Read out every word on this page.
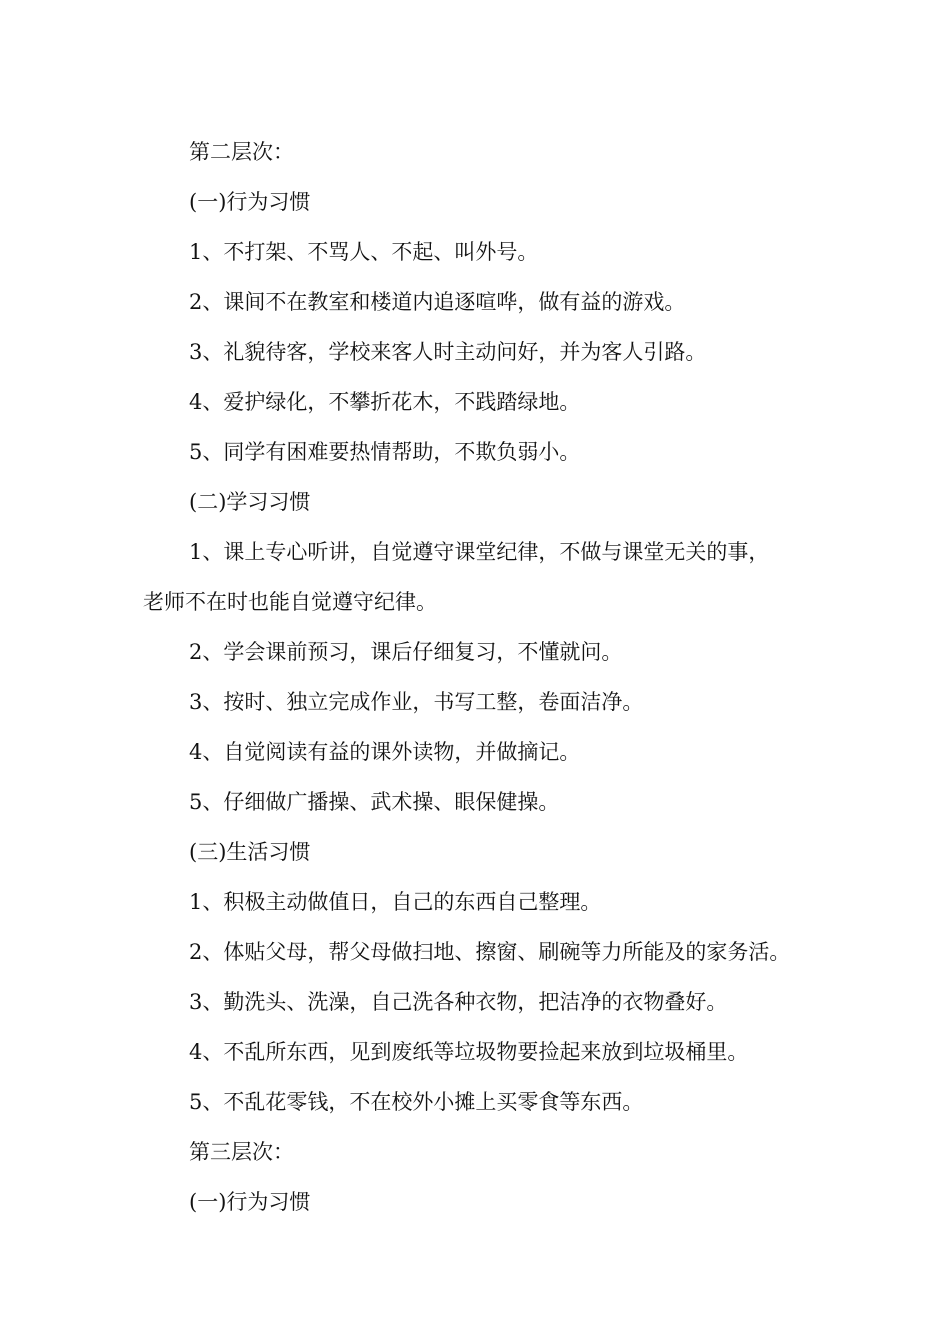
第二层次：

(一)行为习惯

1、不打架、不骂人、不起、叫外号。

2、课间不在教室和楼道内追逐喧哗，做有益的游戏。

3、礼貌待客，学校来客人时主动问好，并为客人引路。

4、爱护绿化，不攀折花木，不践踏绿地。

5、同学有困难要热情帮助，不欺负弱小。

(二)学习习惯

1、课上专心听讲，自觉遵守课堂纪律，不做与课堂无关的事，

老师不在时也能自觉遵守纪律。

2、学会课前预习，课后仔细复习，不懂就问。

3、按时、独立完成作业，书写工整，卷面洁净。

4、自觉阅读有益的课外读物，并做摘记。

5、仔细做广播操、武术操、眼保健操。

(三)生活习惯

1、积极主动做值日，自己的东西自己整理。

2、体贴父母，帮父母做扫地、擦窗、刷碗等力所能及的家务活。

3、勤洗头、洗澡，自己洗各种衣物，把洁净的衣物叠好。

4、不乱所东西，见到废纸等垃圾物要捡起来放到垃圾桶里。

5、不乱花零钱，不在校外小摊上买零食等东西。

第三层次：

(一)行为习惯
